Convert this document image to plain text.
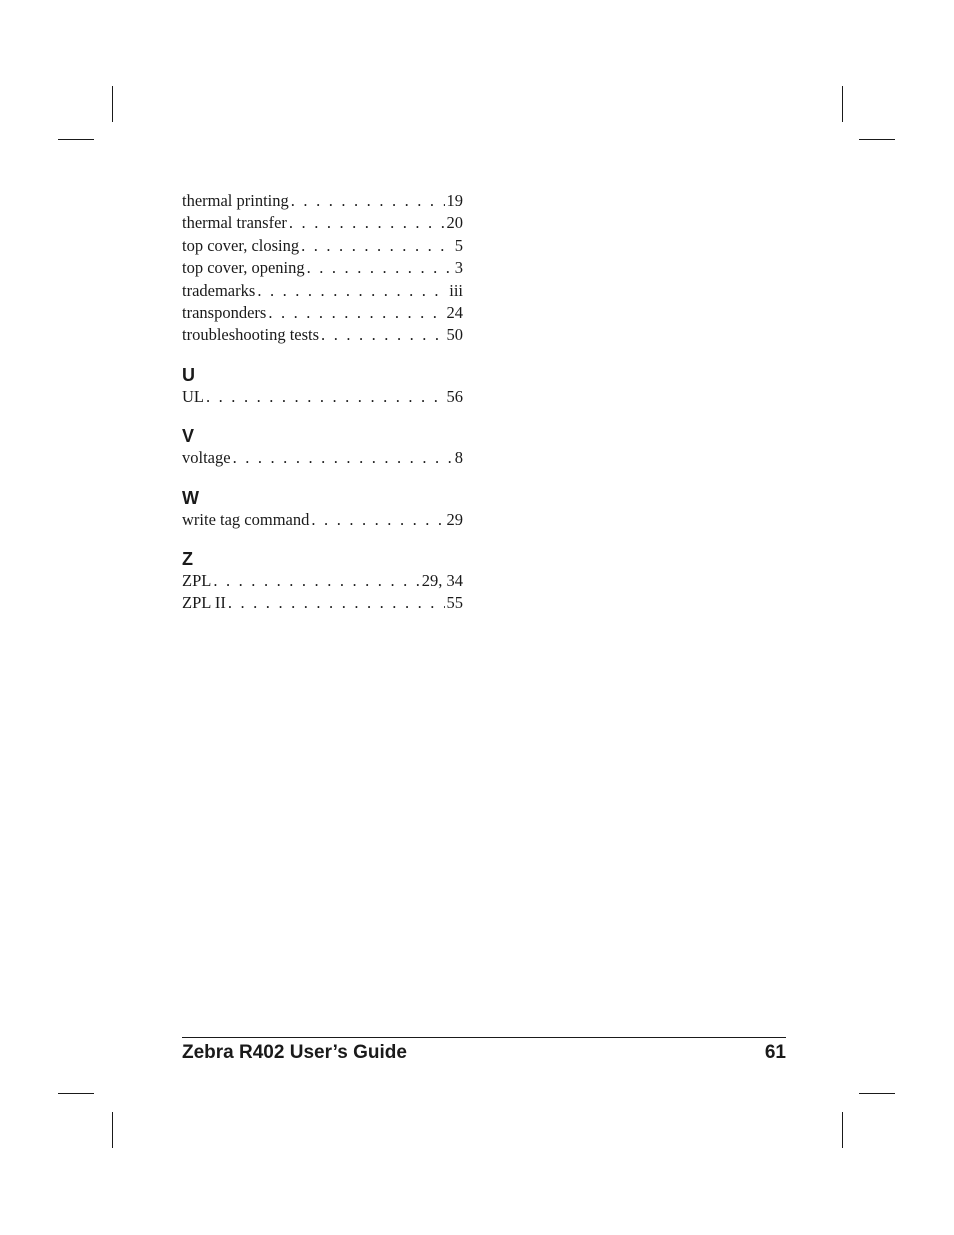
thermal printing . . .	19
thermal transfer . . .	20
top cover, closing . . .	5
top cover, opening . . .	3
trademarks . . .	iii
transponders . . .	24
troubleshooting tests . . .	50
U
UL . . .	56
V
voltage . . .	8
W
write tag command . . .	29
Z
ZPL . . .	29, 34
ZPL II . . .	55
Zebra R402 User’s Guide	61
